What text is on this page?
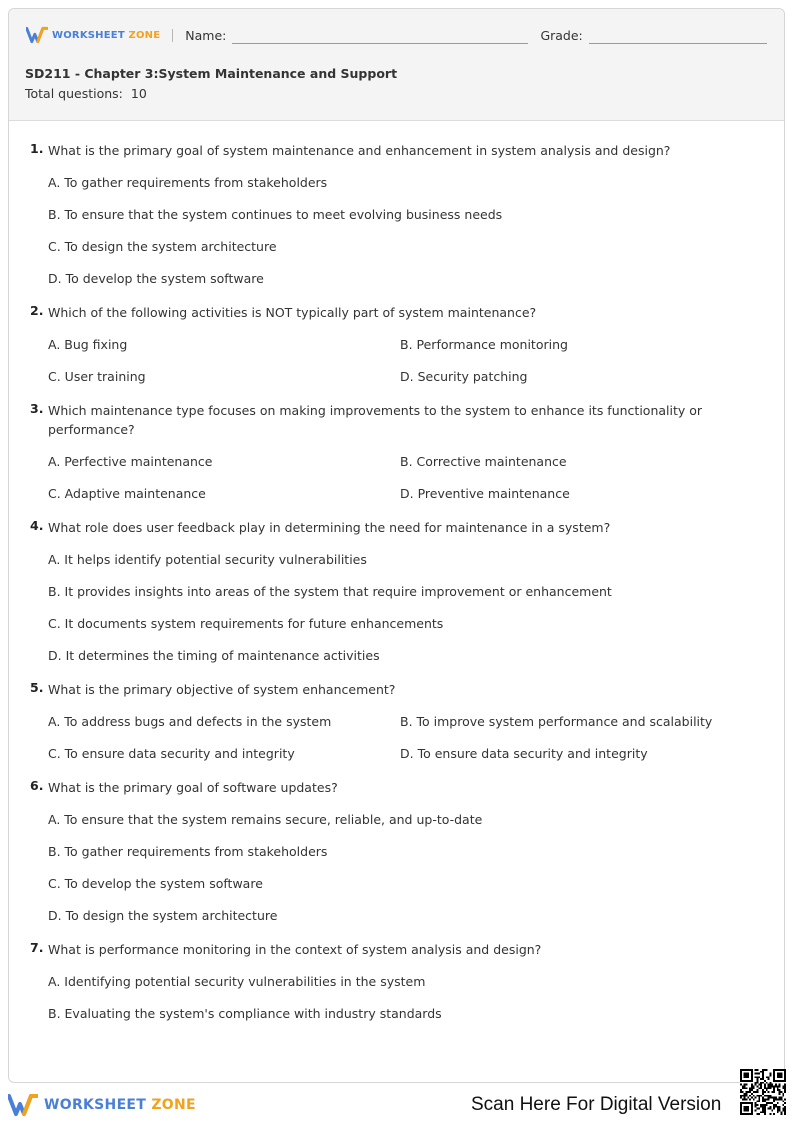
WORKSHEET ZONE Name:	Grade:
SD211 - Chapter 3:System Maintenance and Support
Total questions: 10
1. What is the primary goal of system maintenance and enhancement in system analysis and design?
A. To gather requirements from stakeholders
B. To ensure that the system continues to meet evolving business needs
C. To design the system architecture
D. To develop the system software
2. Which of the following activities is NOT typically part of system maintenance?
A. Bug fixing	B. Performance monitoring
C. User training	D. Security patching
3. Which maintenance type focuses on making improvements to the system to enhance its functionality or performance?
A. Perfective maintenance	B. Corrective maintenance
C. Adaptive maintenance	D. Preventive maintenance
4. What role does user feedback play in determining the need for maintenance in a system?
A. It helps identify potential security vulnerabilities
B. It provides insights into areas of the system that require improvement or enhancement
C. It documents system requirements for future enhancements
D. It determines the timing of maintenance activities
5. What is the primary objective of system enhancement?
A. To address bugs and defects in the system	B. To improve system performance and scalability
C. To ensure data security and integrity	D. To ensure data security and integrity
6. What is the primary goal of software updates?
A. To ensure that the system remains secure, reliable, and up-to-date
B. To gather requirements from stakeholders
C. To develop the system software
D. To design the system architecture
7. What is performance monitoring in the context of system analysis and design?
A. Identifying potential security vulnerabilities in the system
B. Evaluating the system's compliance with industry standards
WORKSHEET ZONE	Scan Here For Digital Version
